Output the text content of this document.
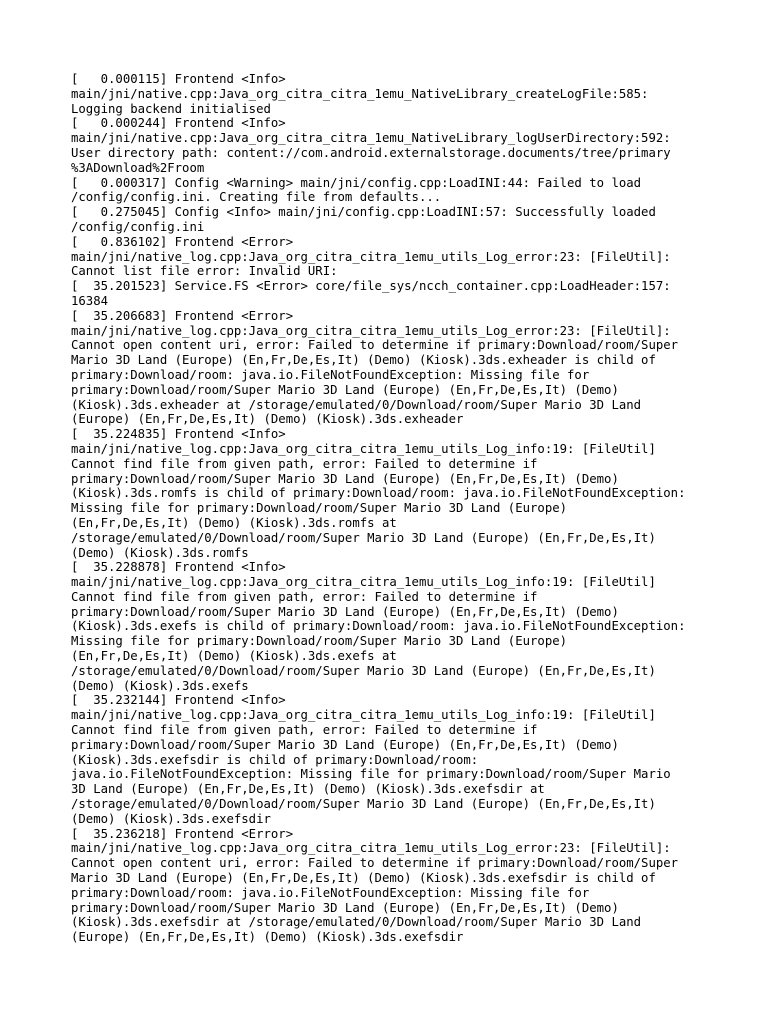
[   0.000115] Frontend <Info>
main/jni/native.cpp:Java_org_citra_citra_1emu_NativeLibrary_createLogFile:585:
Logging backend initialised
[   0.000244] Frontend <Info>
main/jni/native.cpp:Java_org_citra_citra_1emu_NativeLibrary_logUserDirectory:592:
User directory path: content://com.android.externalstorage.documents/tree/primary
%3ADownload%2Froom
[   0.000317] Config <Warning> main/jni/config.cpp:LoadINI:44: Failed to load
/config/config.ini. Creating file from defaults...
[   0.275045] Config <Info> main/jni/config.cpp:LoadINI:57: Successfully loaded
/config/config.ini
[   0.836102] Frontend <Error>
main/jni/native_log.cpp:Java_org_citra_citra_1emu_utils_Log_error:23: [FileUtil]:
Cannot list file error: Invalid URI:
[  35.201523] Service.FS <Error> core/file_sys/ncch_container.cpp:LoadHeader:157:
16384
[  35.206683] Frontend <Error>
main/jni/native_log.cpp:Java_org_citra_citra_1emu_utils_Log_error:23: [FileUtil]:
Cannot open content uri, error: Failed to determine if primary:Download/room/Super
Mario 3D Land (Europe) (En,Fr,De,Es,It) (Demo) (Kiosk).3ds.exheader is child of
primary:Download/room: java.io.FileNotFoundException: Missing file for
primary:Download/room/Super Mario 3D Land (Europe) (En,Fr,De,Es,It) (Demo)
(Kiosk).3ds.exheader at /storage/emulated/0/Download/room/Super Mario 3D Land
(Europe) (En,Fr,De,Es,It) (Demo) (Kiosk).3ds.exheader
[  35.224835] Frontend <Info>
main/jni/native_log.cpp:Java_org_citra_citra_1emu_utils_Log_info:19: [FileUtil]
Cannot find file from given path, error: Failed to determine if
primary:Download/room/Super Mario 3D Land (Europe) (En,Fr,De,Es,It) (Demo)
(Kiosk).3ds.romfs is child of primary:Download/room: java.io.FileNotFoundException:
Missing file for primary:Download/room/Super Mario 3D Land (Europe)
(En,Fr,De,Es,It) (Demo) (Kiosk).3ds.romfs at
/storage/emulated/0/Download/room/Super Mario 3D Land (Europe) (En,Fr,De,Es,It)
(Demo) (Kiosk).3ds.romfs
[  35.228878] Frontend <Info>
main/jni/native_log.cpp:Java_org_citra_citra_1emu_utils_Log_info:19: [FileUtil]
Cannot find file from given path, error: Failed to determine if
primary:Download/room/Super Mario 3D Land (Europe) (En,Fr,De,Es,It) (Demo)
(Kiosk).3ds.exefs is child of primary:Download/room: java.io.FileNotFoundException:
Missing file for primary:Download/room/Super Mario 3D Land (Europe)
(En,Fr,De,Es,It) (Demo) (Kiosk).3ds.exefs at
/storage/emulated/0/Download/room/Super Mario 3D Land (Europe) (En,Fr,De,Es,It)
(Demo) (Kiosk).3ds.exefs
[  35.232144] Frontend <Info>
main/jni/native_log.cpp:Java_org_citra_citra_1emu_utils_Log_info:19: [FileUtil]
Cannot find file from given path, error: Failed to determine if
primary:Download/room/Super Mario 3D Land (Europe) (En,Fr,De,Es,It) (Demo)
(Kiosk).3ds.exefsdir is child of primary:Download/room:
java.io.FileNotFoundException: Missing file for primary:Download/room/Super Mario
3D Land (Europe) (En,Fr,De,Es,It) (Demo) (Kiosk).3ds.exefsdir at
/storage/emulated/0/Download/room/Super Mario 3D Land (Europe) (En,Fr,De,Es,It)
(Demo) (Kiosk).3ds.exefsdir
[  35.236218] Frontend <Error>
main/jni/native_log.cpp:Java_org_citra_citra_1emu_utils_Log_error:23: [FileUtil]:
Cannot open content uri, error: Failed to determine if primary:Download/room/Super
Mario 3D Land (Europe) (En,Fr,De,Es,It) (Demo) (Kiosk).3ds.exefsdir is child of
primary:Download/room: java.io.FileNotFoundException: Missing file for
primary:Download/room/Super Mario 3D Land (Europe) (En,Fr,De,Es,It) (Demo)
(Kiosk).3ds.exefsdir at /storage/emulated/0/Download/room/Super Mario 3D Land
(Europe) (En,Fr,De,Es,It) (Demo) (Kiosk).3ds.exefsdir
